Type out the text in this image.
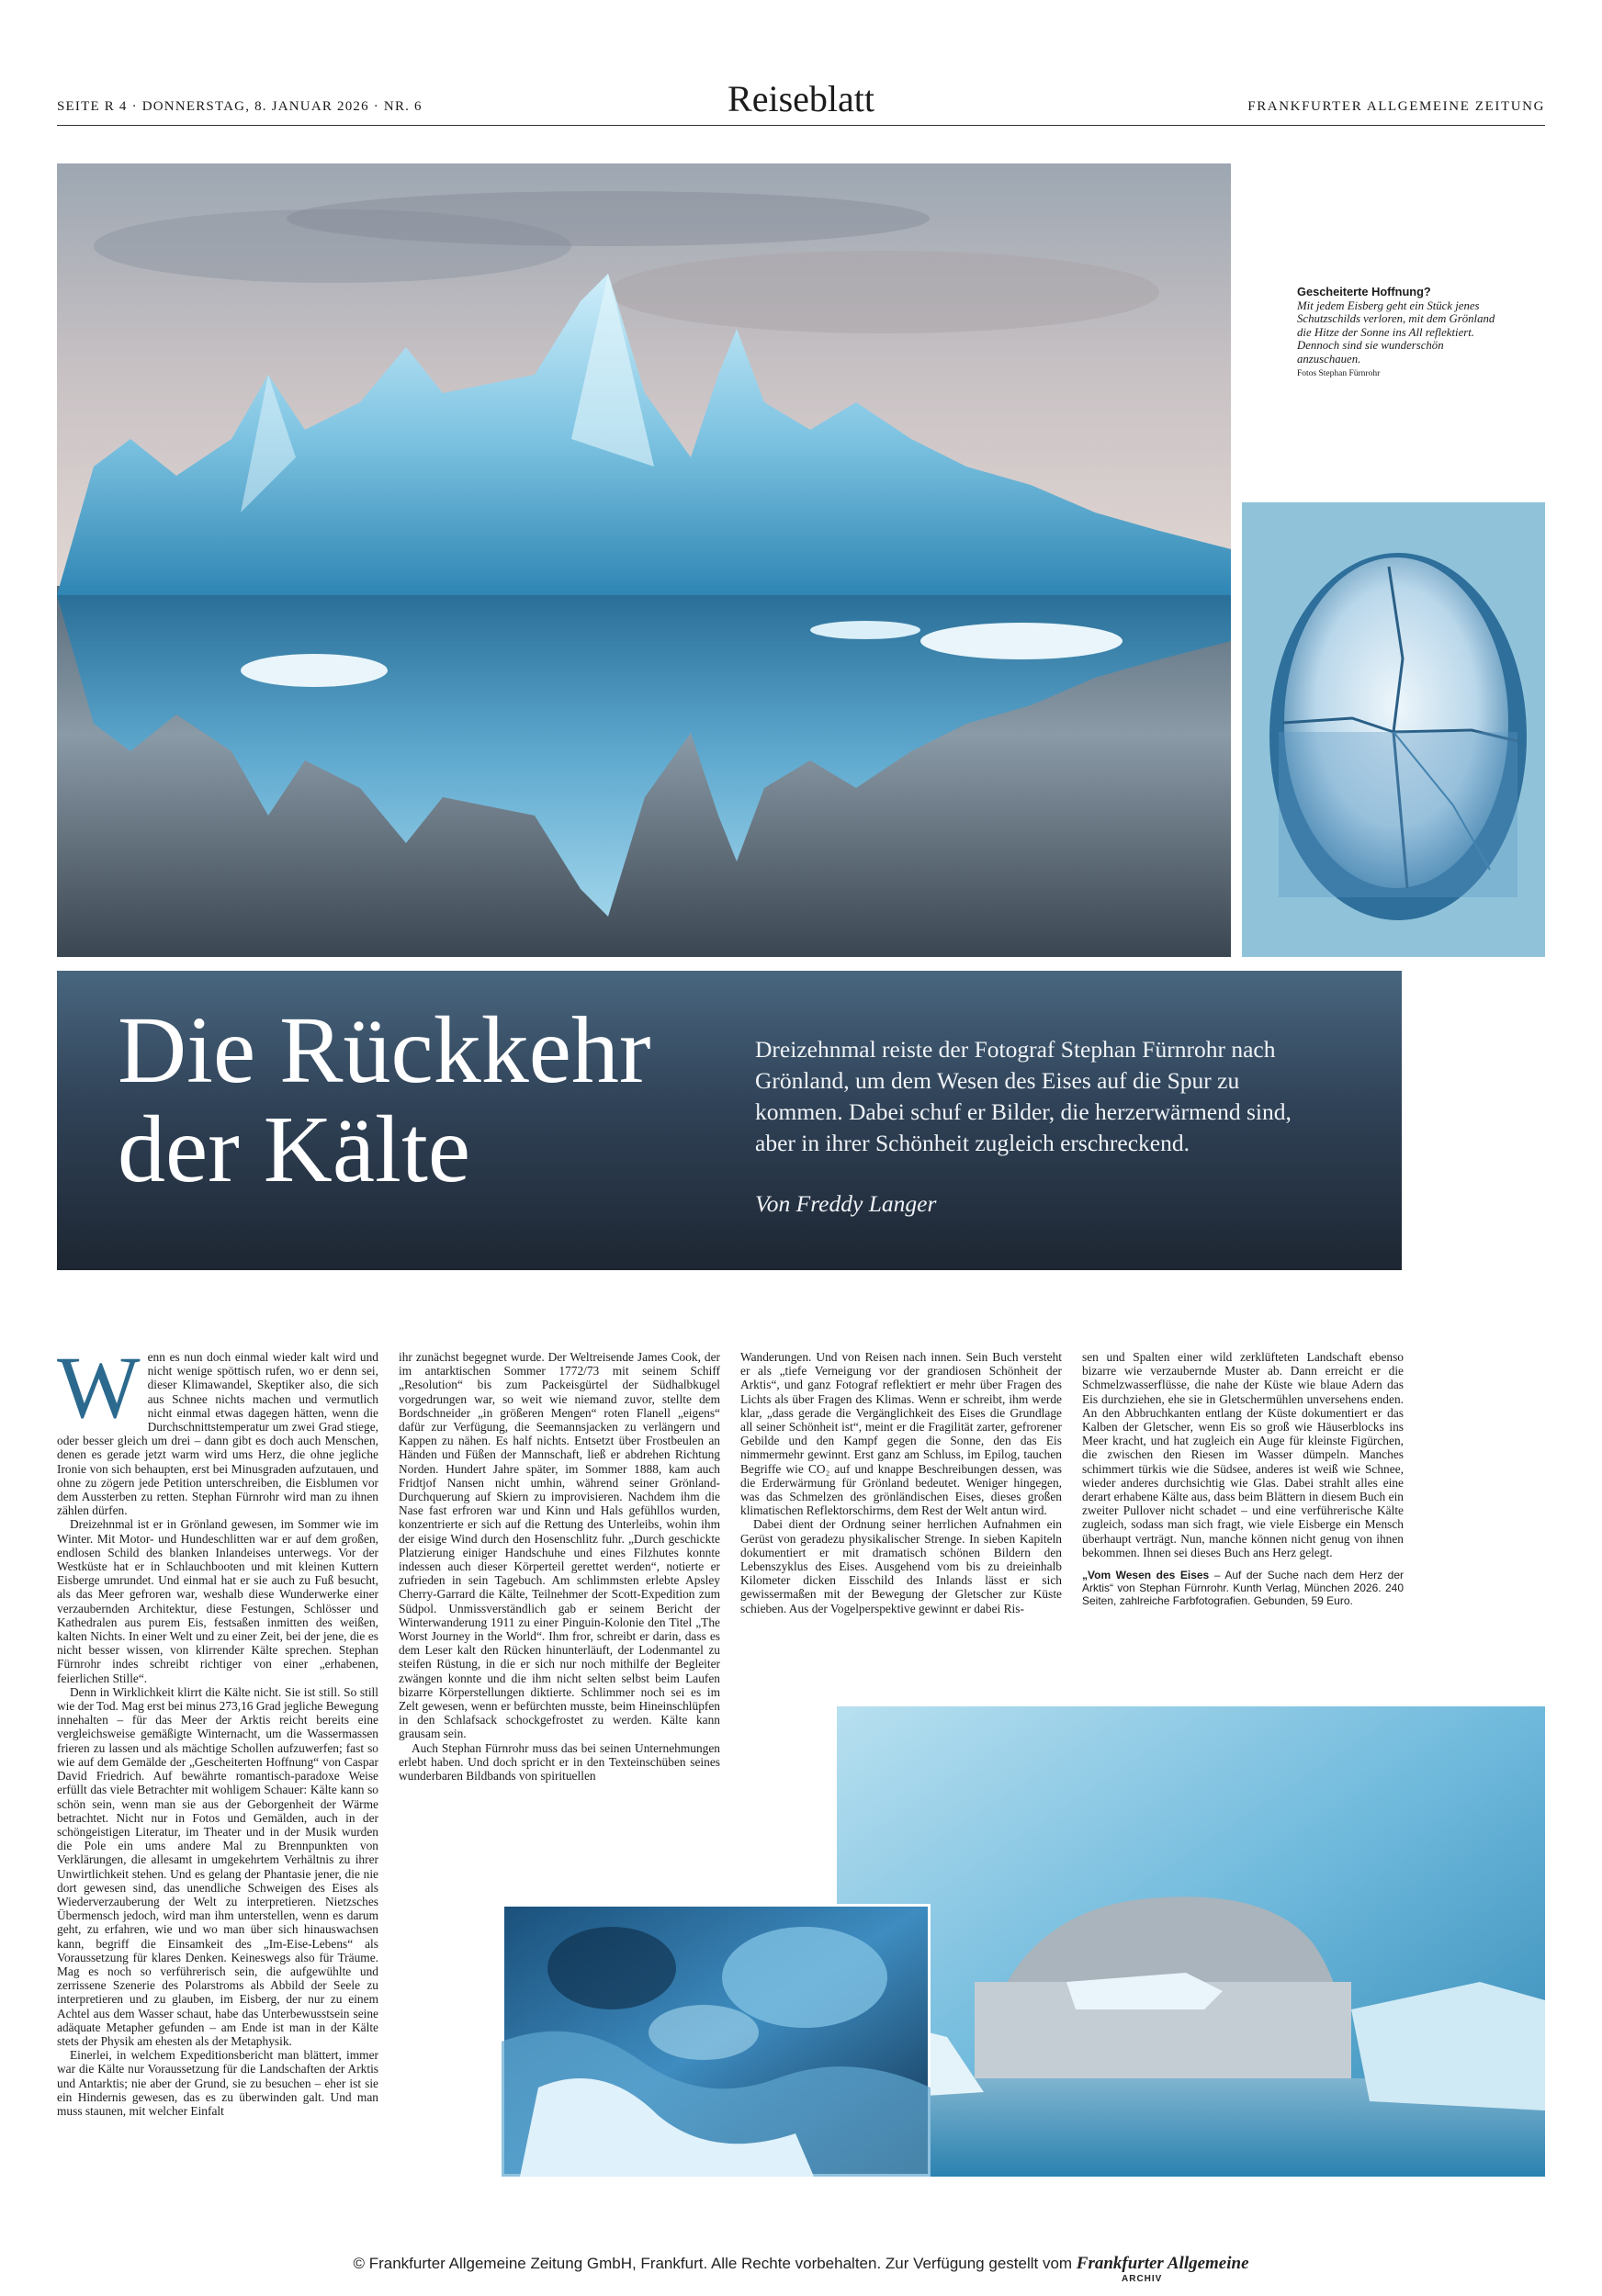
SEITE R 4 · DONNERSTAG, 8. JANUAR 2026 · NR. 6	Reiseblatt	FRANKFURTER ALLGEMEINE ZEITUNG
Gescheiterte Hoffnung?
Mit jedem Eisberg geht ein Stück jenes Schutzschilds verloren, mit dem Grönland die Hitze der Sonne ins All reflektiert. Dennoch sind sie wunderschön anzuschauen.
Fotos Stephan Fürnrohr
Die Rückkehr
der Kälte
Dreizehnmal reiste der Fotograf Stephan Fürnrohr nach Grönland, um dem Wesen des Eises auf die Spur zu kommen. Dabei schuf er Bilder, die herzerwärmend sind, aber in ihrer Schönheit zugleich erschreckend.
Von Freddy Langer
W enn es nun doch einmal wieder kalt wird und nicht wenige spöttisch rufen, wo er denn sei, dieser Klimawandel, Skeptiker also, die sich aus Schnee nichts machen und vermutlich nicht einmal etwas dagegen hätten, wenn die Durchschnittstemperatur um zwei Grad stiege, oder besser gleich um drei – dann gibt es doch auch Menschen, denen es gerade jetzt warm wird ums Herz, die ohne jegliche Ironie von sich behaupten, erst bei Minusgraden aufzutauen, und ohne zu zögern jede Petition unterschreiben, die Eisblumen vor dem Aussterben zu retten. Stephan Fürnrohr wird man zu ihnen zählen dürfen.

Dreizehnmal ist er in Grönland gewesen, im Sommer wie im Winter. Mit Motor- und Hundeschlitten war er auf dem großen, endlosen Schild des blanken Inlandeises unterwegs. Vor der Westküste hat er in Schlauchbooten und mit kleinen Kuttern Eisberge umrundet. Und einmal hat er sie auch zu Fuß besucht, als das Meer gefroren war, weshalb diese Wunderwerke einer verzaubernden Architektur, diese Festungen, Schlösser und Kathedralen aus purem Eis, festsaßen inmitten des weißen, kalten Nichts. In einer Welt und zu einer Zeit, bei der jene, die es nicht besser wissen, von klirrender Kälte sprechen. Stephan Fürnrohr indes schreibt richtiger von einer „erhabenen, feierlichen Stille“.

Denn in Wirklichkeit klirrt die Kälte nicht. Sie ist still. So still wie der Tod. Mag erst bei minus 273,16 Grad jegliche Bewegung innehalten – für das Meer der Arktis reicht bereits eine vergleichsweise gemäßigte Winternacht, um die Wassermassen frieren zu lassen und als mächtige Schollen aufzuwerfen; fast so wie auf dem Gemälde der „Gescheiterten Hoffnung“ von Caspar David Friedrich. Auf bewährte romantisch-paradoxe Weise erfüllt das viele Betrachter mit wohligem Schauer: Kälte kann so schön sein, wenn man sie aus der Geborgenheit der Wärme betrachtet. Nicht nur in Fotos und Gemälden, auch in der schöngeistigen Literatur, im Theater und in der Musik wurden die Pole ein ums andere Mal zu Brennpunkten von Verklärungen, die allesamt in umgekehrtem Verhältnis zu ihrer Unwirtlichkeit stehen. Und es gelang der Phantasie jener, die nie dort gewesen sind, das unendliche Schweigen des Eises als Wiederverzauberung der Welt zu interpretieren. Nietzsches Übermensch jedoch, wird man ihm unterstellen, wenn es darum geht, zu erfahren, wie und wo man über sich hinauswachsen kann, begriff die Einsamkeit des „Im-Eise-Lebens“ als Voraussetzung für klares Denken. Keineswegs also für Träume. Mag es noch so verführerisch sein, die aufgewühlte und zerrissene Szenerie des Polarstroms als Abbild der Seele zu interpretieren und zu glauben, im Eisberg, der nur zu einem Achtel aus dem Wasser schaut, habe das Unterbewusstsein seine adäquate Metapher gefunden – am Ende ist man in der Kälte stets der Physik am ehesten als der Metaphysik.

Einerlei, in welchem Expeditionsbericht man blättert, immer war die Kälte nur Voraussetzung für die Landschaften der Arktis und Antarktis; nie aber der Grund, sie zu besuchen – eher ist sie ein Hindernis gewesen, das es zu überwinden galt. Und man muss staunen, mit welcher Einfalt

ihr zunächst begegnet wurde. Der Weltreisende James Cook, der im antarktischen Sommer 1772/73 mit seinem Schiff „Resolution“ bis zum Packeisgürtel der Südhalbkugel vorgedrungen war, so weit wie niemand zuvor, stellte dem Bordschneider „in größeren Mengen“ roten Flanell „eigens“ dafür zur Verfügung, die Seemannsjacken zu verlängern und Kappen zu nähen. Es half nichts. Entsetzt über Frostbeulen an Händen und Füßen der Mannschaft, ließ er abdrehen Richtung Norden. Hundert Jahre später, im Sommer 1888, kam auch Fridtjof Nansen nicht umhin, während seiner Grönland-Durchquerung auf Skiern zu improvisieren. Nachdem ihm die Nase fast erfroren war und Kinn und Hals gefühllos wurden, konzentrierte er sich auf die Rettung des Unterleibs, wohin ihm der eisige Wind durch den Hosenschlitz fuhr. „Durch geschickte Platzierung einiger Handschuhe und eines Filzhutes konnte indessen auch dieser Körperteil gerettet werden“, notierte er zufrieden in sein Tagebuch. Am schlimmsten erlebte Apsley Cherry-Garrard die Kälte, Teilnehmer der Scott-Expedition zum Südpol. Unmissverständlich gab er seinem Bericht der Winterwanderung 1911 zu einer Pinguin-Kolonie den Titel „The Worst Journey in the World“. Ihm fror, schreibt er darin, dass es dem Leser kalt den Rücken hinunterläuft, der Lodenmantel zu steifen Rüstung, in die er sich nur noch mithilfe der Begleiter zwängen konnte und die ihm nicht selten selbst beim Laufen bizarre Körperstellungen diktierte. Schlimmer noch sei es im Zelt gewesen, wenn er befürchten musste, beim Hineinschlüpfen in den Schlafsack schockgefrostet zu werden. Kälte kann grausam sein.

Auch Stephan Fürnrohr muss das bei seinen Unternehmungen erlebt haben. Und doch spricht er in den Texteinschüben seines wunderbaren Bildbands von spirituellen

Wanderungen. Und von Reisen nach innen. Sein Buch versteht er als „tiefe Verneigung vor der grandiosen Schönheit der Arktis“, und ganz Fotograf reflektiert er mehr über Fragen des Lichts als über Fragen des Klimas. Wenn er schreibt, ihm werde klar, „dass gerade die Vergänglichkeit des Eises die Grundlage all seiner Schönheit ist“, meint er die Fragilität zarter, gefrorener Gebilde und den Kampf gegen die Sonne, den das Eis nimmermehr gewinnt. Erst ganz am Schluss, im Epilog, tauchen Begriffe wie CO₂ auf und knappe Beschreibungen dessen, was die Erderwärmung für Grönland bedeutet. Weniger hingegen, was das Schmelzen des grönländischen Eises, dieses großen klimatischen Reflektorschirms, dem Rest der Welt antun wird.

Dabei dient der Ordnung seiner herrlichen Aufnahmen ein Gerüst von geradezu physikalischer Strenge. In sieben Kapiteln dokumentiert er mit dramatisch schönen Bildern den Lebenszyklus des Eises. Ausgehend vom bis zu dreieinhalb Kilometer dicken Eisschild des Inlands lässt er sich gewissermaßen mit der Bewegung der Gletscher zur Küste schieben. Aus der Vogelperspektive gewinnt er dabei Ris-

sen und Spalten einer wild zerklüfteten Landschaft ebenso bizarre wie verzaubernde Muster ab. Dann erreicht er die Schmelzwasserflüsse, die nahe der Küste wie blaue Adern das Eis durchziehen, ehe sie in Gletschermühlen unversehens enden. An den Abbruchkanten entlang der Küste dokumentiert er das Kalben der Gletscher, wenn Eis so groß wie Häuserblocks ins Meer kracht, und hat zugleich ein Auge für kleinste Figürchen, die zwischen den Riesen im Wasser dümpeln. Manches schimmert türkis wie die Südsee, anderes ist weiß wie Schnee, wieder anderes durchsichtig wie Glas. Dabei strahlt alles eine derart erhabene Kälte aus, dass beim Blättern in diesem Buch ein zweiter Pullover nicht schadet – und eine verführerische Kälte zugleich, sodass man sich fragt, wie viele Eisberge ein Mensch überhaupt verträgt. Nun, manche können nicht genug von ihnen bekommen. Ihnen sei dieses Buch ans Herz gelegt.

„Vom Wesen des Eises – Auf der Suche nach dem Herz der Arktis“ von Stephan Fürnrohr. Kunth Verlag, München 2026. 240 Seiten, zahlreiche Farbfotografien. Gebunden, 59 Euro.
© Frankfurter Allgemeine Zeitung GmbH, Frankfurt. Alle Rechte vorbehalten. Zur Verfügung gestellt vom Frankfurter Allgemeine
ARCHIV
